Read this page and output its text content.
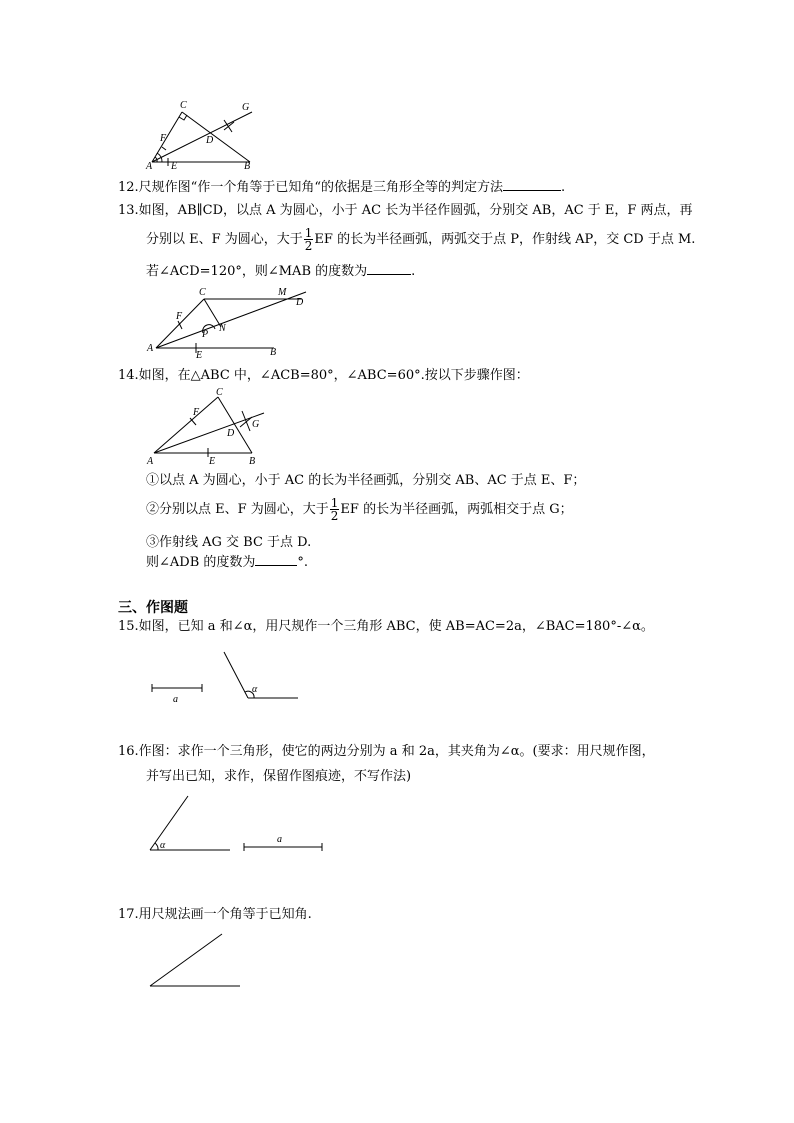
C	G
F	D
A E	B
12.尺规作图“作一个角等于已知角“的依据是三角形全等的判定方法	.
13.如图，AB∥CD，以点 A 为圆心，小于 AC 长为半径作圆弧，分别交 AB，AC 于 E，F 两点，再
分别以 E、F 为圆心，大于 $\frac{1}{2}$ EF 的长为半径画弧，两弧交于点 P，作射线 AP，交 CD 于点 M.
若∠ACD=120°，则∠MAB 的度数为	.
C	M
D
F
N
P
A
E	B
14.如图，在△ABC 中，∠ACB=80°，∠ABC=60°.按以下步骤作图：
C
F
G
D
A	E	B
①以点 A 为圆心，小于 AC 的长为半径画弧，分别交 AB、AC 于点 E、F；
②分别以点 E、F 为圆心，大于 $\frac{1}{2}$ EF 的长为半径画弧，两弧相交于点 G；
③作射线 AG 交 BC 于点 D.
则∠ADB 的度数为	°.
三、作图题
15.如图，已知 a 和∠α，用尺规作一个三角形 ABC，使 AB=AC=2a，∠BAC=180°-∠α。
a
α
16.作图：求作一个三角形，使它的两边分别为 a 和 2a，其夹角为∠α。(要求：用尺规作图，
并写出已知，求作，保留作图痕迹，不写作法)
α
a
17.用尺规法画一个角等于已知角.
